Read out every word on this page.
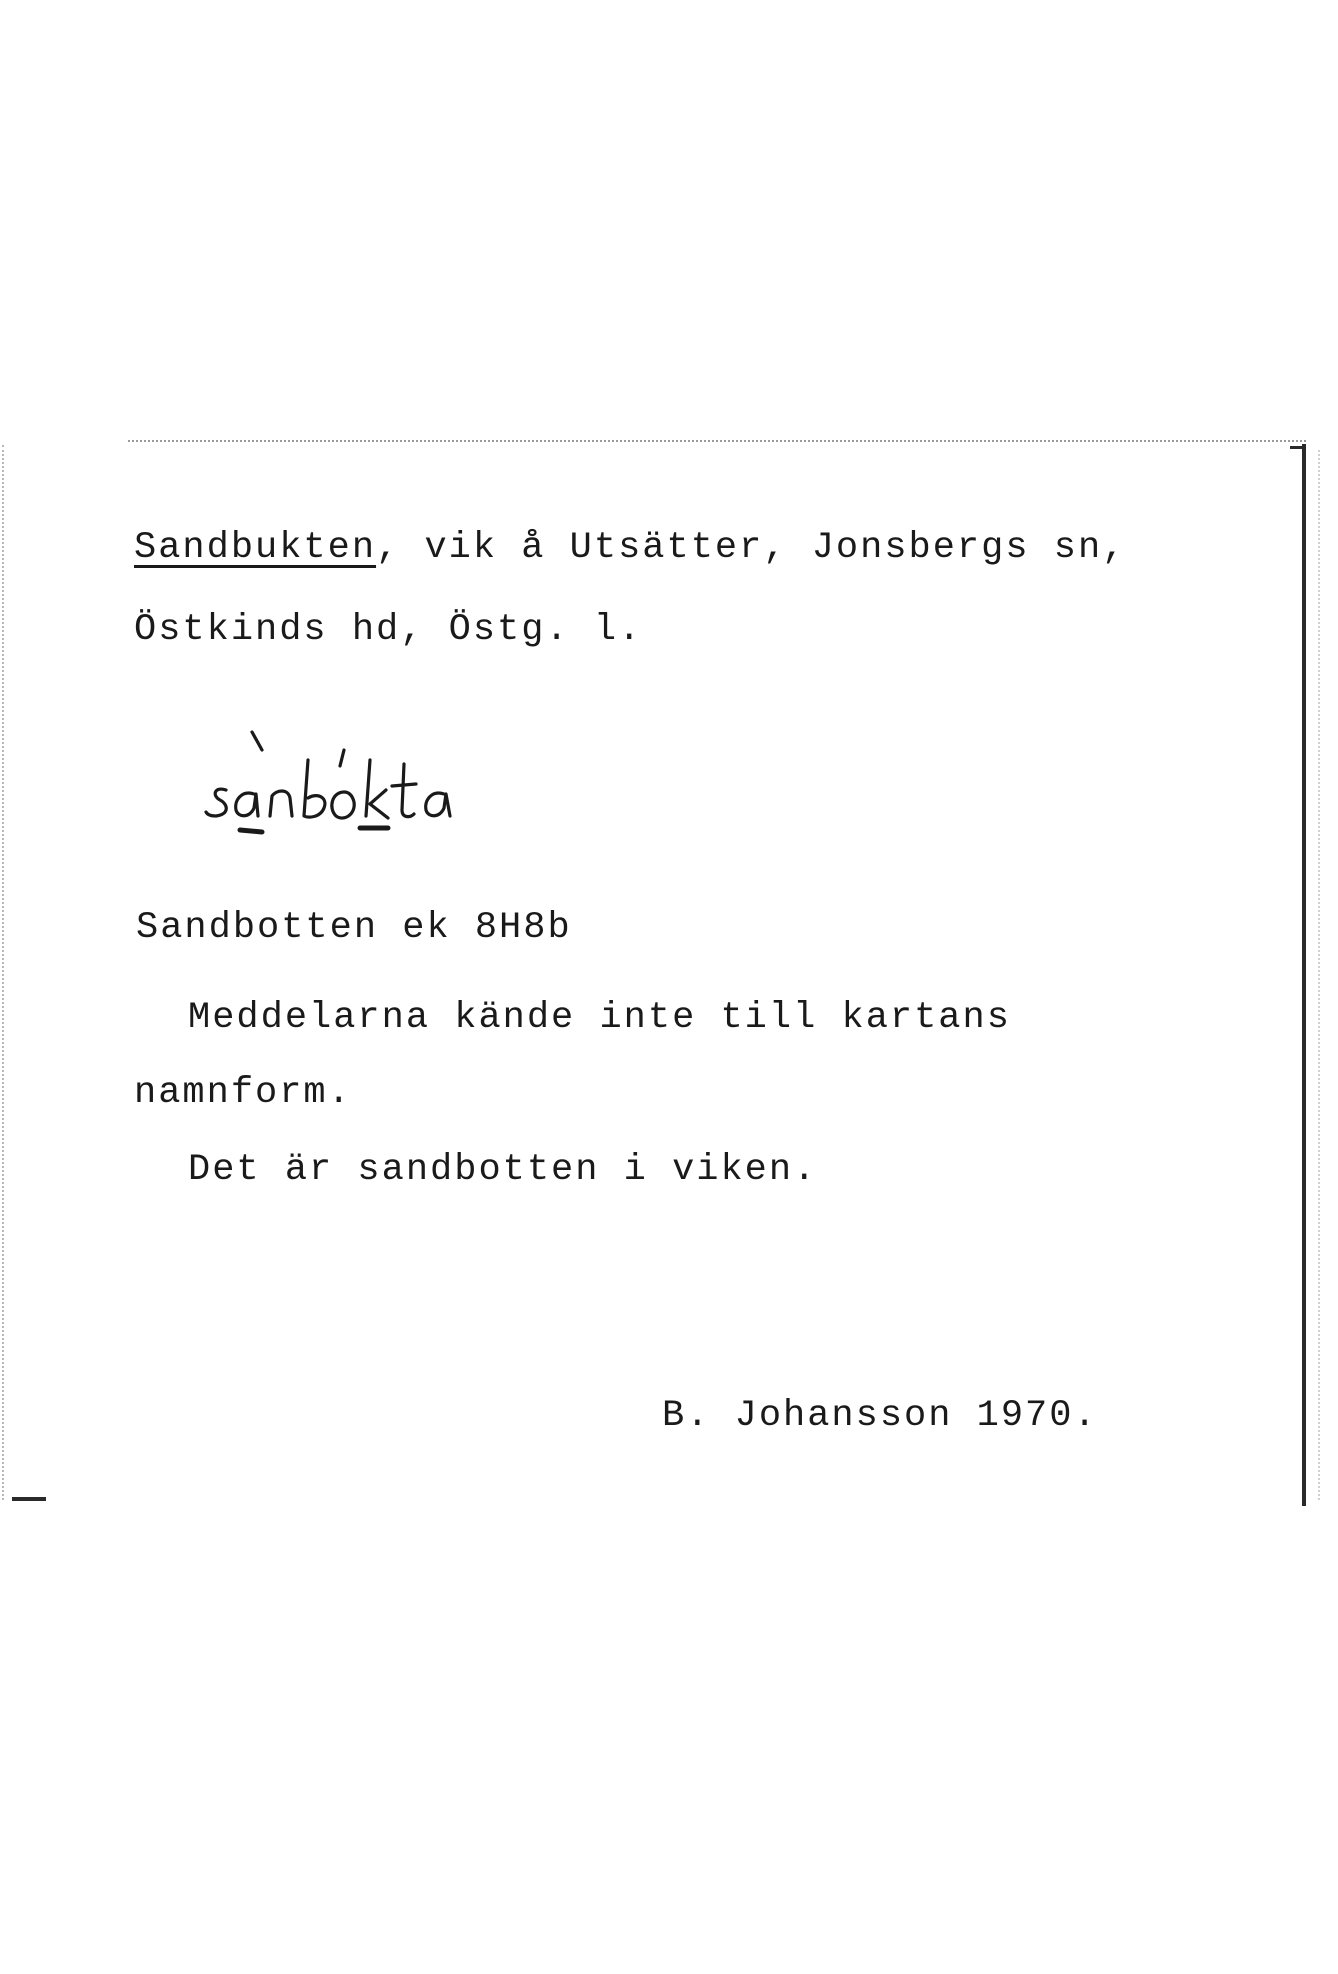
Sandbukten, vik å Utsätter, Jonsbergs sn,
Östkinds hd, Östg. l.
Sandbotten ek 8H8b
Meddelarna kände inte till kartans
namnform.
Det är sandbotten i viken.
B. Johansson 1970.
